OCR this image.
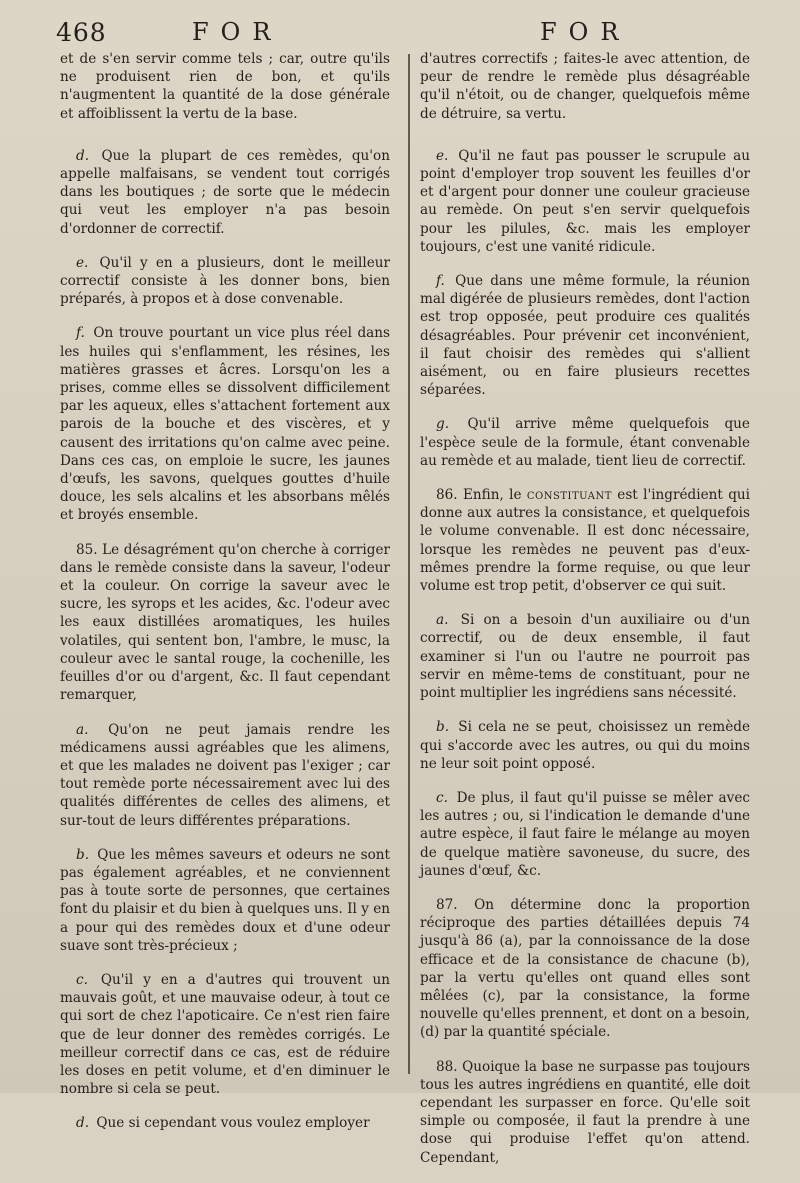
468	FOR	FOR

et de s'en servir comme tels ; car, outre qu'ils ne produisent rien de bon, et qu'ils n'augmentent la quantité de la dose générale et affoiblissent la vertu de la base.

d. Que la plupart de ces remèdes, qu'on appelle malfaisans, se vendent tout corrigés dans les boutiques ; de sorte que le médecin qui veut les employer n'a pas besoin d'ordonner de correctif.

e. Qu'il y en a plusieurs, dont le meilleur correctif consiste à les donner bons, bien préparés, à propos et à dose convenable.

f. On trouve pourtant un vice plus réel dans les huiles qui s'enflamment, les résines, les matières grasses et âcres. Lorsqu'on les a prises, comme elles se dissolvent difficilement par les aqueux, elles s'attachent fortement aux parois de la bouche et des viscères, et y causent des irritations qu'on calme avec peine. Dans ces cas, on emploie le sucre, les jaunes d'œufs, les savons, quelques gouttes d'huile douce, les sels alcalins et les absorbans mêlés et broyés ensemble.

85. Le désagrément qu'on cherche à corriger dans le remède consiste dans la saveur, l'odeur et la couleur. On corrige la saveur avec le sucre, les syrops et les acides, &c. l'odeur avec les eaux distillées aromatiques, les huiles volatiles, qui sentent bon, l'ambre, le musc, la couleur avec le santal rouge, la cochenille, les feuilles d'or ou d'argent, &c. Il faut cependant remarquer,

a. Qu'on ne peut jamais rendre les médicamens aussi agréables que les alimens, et que les malades ne doivent pas l'exiger ; car tout remède porte nécessairement avec lui des qualités différentes de celles des alimens, et sur-tout de leurs différentes préparations.

b. Que les mêmes saveurs et odeurs ne sont pas également agréables, et ne conviennent pas à toute sorte de personnes, que certaines font du plaisir et du bien à quelques uns. Il y en a pour qui des remèdes doux et d'une odeur suave sont très-précieux ;

c. Qu'il y en a d'autres qui trouvent un mauvais goût, et une mauvaise odeur, à tout ce qui sort de chez l'apoticaire. Ce n'est rien faire que de leur donner des remèdes corrigés. Le meilleur correctif dans ce cas, est de réduire les doses en petit volume, et d'en diminuer le nombre si cela se peut.

d. Que si cependant vous voulez employer

d'autres correctifs ; faites-le avec attention, de peur de rendre le remède plus désagréable qu'il n'étoit, ou de changer, quelquefois même de détruire, sa vertu.

e. Qu'il ne faut pas pousser le scrupule au point d'employer trop souvent les feuilles d'or et d'argent pour donner une couleur gracieuse au remède. On peut s'en servir quelquefois pour les pilules, &c. mais les employer toujours, c'est une vanité ridicule.

f. Que dans une même formule, la réunion mal digérée de plusieurs remèdes, dont l'action est trop opposée, peut produire ces qualités désagréables. Pour prévenir cet inconvénient, il faut choisir des remèdes qui s'allient aisément, ou en faire plusieurs recettes séparées.

g. Qu'il arrive même quelquefois que l'espèce seule de la formule, étant convenable au remède et au malade, tient lieu de correctif.

86. Enfin, le constituant est l'ingrédient qui donne aux autres la consistance, et quelquefois le volume convenable. Il est donc nécessaire, lorsque les remèdes ne peuvent pas d'eux-mêmes prendre la forme requise, ou que leur volume est trop petit, d'observer ce qui suit.

a. Si on a besoin d'un auxiliaire ou d'un correctif, ou de deux ensemble, il faut examiner si l'un ou l'autre ne pourroit pas servir en même-tems de constituant, pour ne point multiplier les ingrédiens sans nécessité.

b. Si cela ne se peut, choisissez un remède qui s'accorde avec les autres, ou qui du moins ne leur soit point opposé.

c. De plus, il faut qu'il puisse se mêler avec les autres ; ou, si l'indication le demande d'une autre espèce, il faut faire le mélange au moyen de quelque matière savoneuse, du sucre, des jaunes d'œuf, &c.

87. On détermine donc la proportion réciproque des parties détaillées depuis 74 jusqu'à 86 (a), par la connoissance de la dose efficace et de la consistance de chacune (b), par la vertu qu'elles ont quand elles sont mêlées (c), par la consistance, la forme nouvelle qu'elles prennent, et dont on a besoin, (d) par la quantité spéciale.

88. Quoique la base ne surpasse pas toujours tous les autres ingrédiens en quantité, elle doit cependant les surpasser en force. Qu'elle soit simple ou composée, il faut la prendre à une dose qui produise l'effet qu'on attend. Cependant,
